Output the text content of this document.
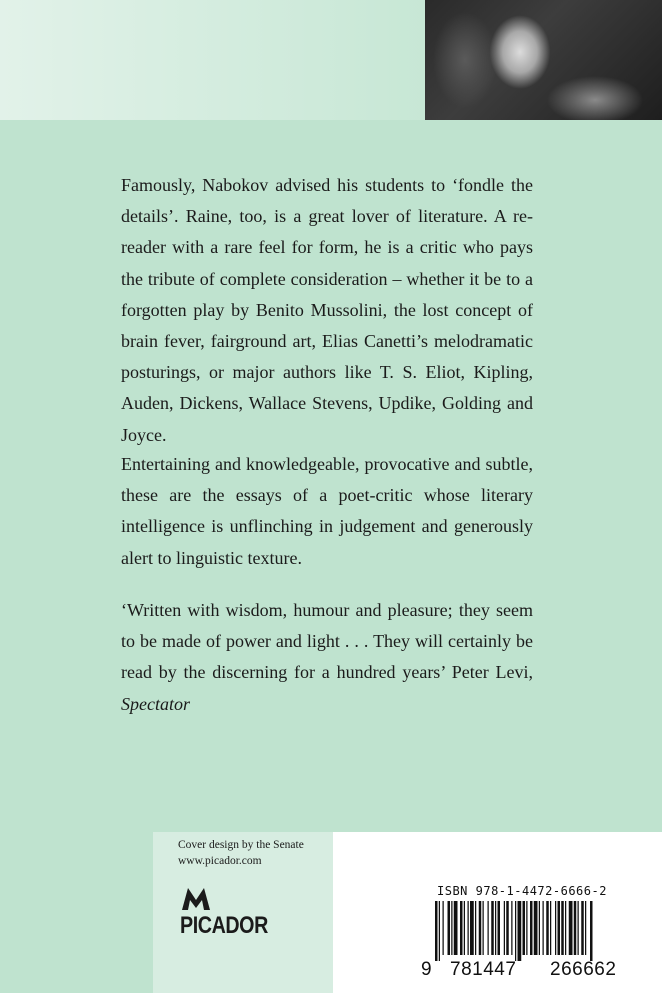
Famously, Nabokov advised his students to ‘fondle the details’. Raine, too, is a great lover of literature. A re-reader with a rare feel for form, he is a critic who pays the tribute of complete consideration – whether it be to a forgotten play by Benito Mussolini, the lost concept of brain fever, fairground art, Elias Canetti’s melodramatic posturings, or major authors like T. S. Eliot, Kipling, Auden, Dickens, Wallace Stevens, Updike, Golding and Joyce.

Entertaining and knowledgeable, provocative and subtle, these are the essays of a poet-critic whose literary intelligence is unflinching in judgement and generously alert to linguistic texture.

‘Written with wisdom, humour and pleasure; they seem to be made of power and light . . . They will certainly be read by the discerning for a hundred years’ Peter Levi, Spectator

Cover design by the Senate
www.picador.com
PICADOR
ISBN 978-1-4472-6666-2
9 781447 266662
